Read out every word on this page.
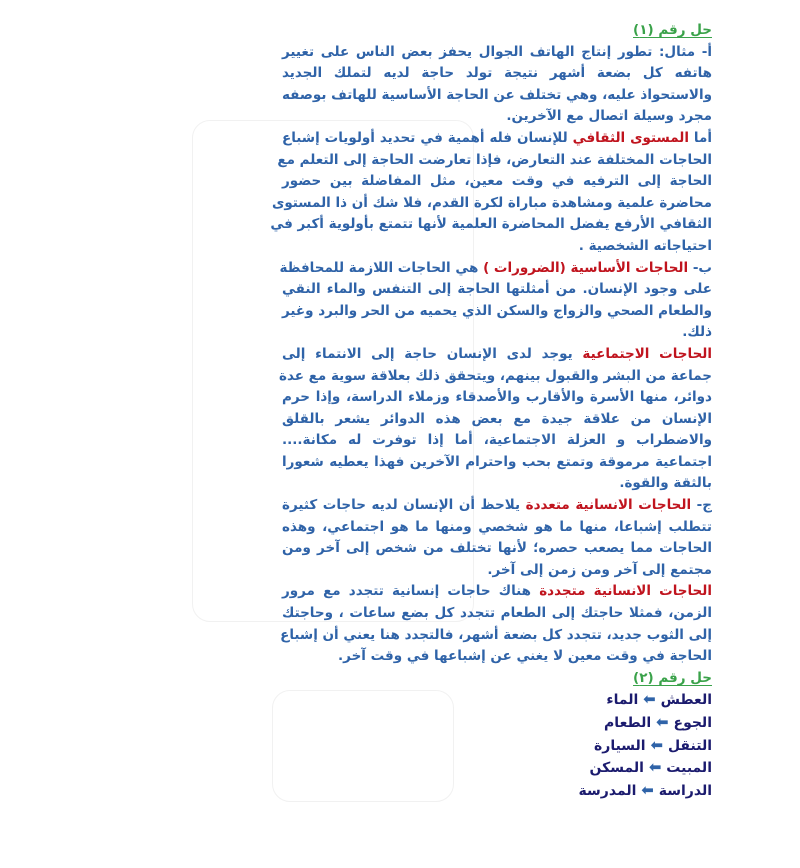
حل رقم (١)
أ- مثال: تطور إنتاج الهاتف الجوال يحفز بعض الناس على تغيير
هاتفه كل بضعة أشهر نتيجة تولد حاجة لديه لتملك الجديد
والاستحواذ عليه، وهي تختلف عن الحاجة الأساسية للهاتف بوصفه
مجرد وسيلة اتصال مع الآخرين.
أما المستوى الثقافي للإنسان فله أهمية في تحديد أولويات إشباع
الحاجات المختلفة عند التعارض، فإذا تعارضت الحاجة إلى التعلم مع
الحاجة إلى الترفيه في وقت معين، مثل المفاضلة بين حضور
محاضرة علمية ومشاهدة مباراة لكرة القدم، فلا شك أن ذا المستوى
الثقافي الأرفع يفضل المحاضرة العلمية لأنها تتمتع بأولوية أكبر في
احتياجاته الشخصية .
ب- الحاجات الأساسية (الضرورات ) هي الحاجات اللازمة للمحافظة
على وجود الإنسان. من أمثلتها الحاجة إلى التنفس والماء النقي
والطعام الصحي والزواج والسكن الذي يحميه من الحر والبرد وغير
ذلك.
الحاجات الاجتماعية يوجد لدى الإنسان حاجة إلى الانتماء إلى
جماعة من البشر والقبول بينهم، ويتحقق ذلك بعلاقة سوية مع عدة
دوائر، منها الأسرة والأقارب والأصدقاء وزملاء الدراسة، وإذا حرم
الإنسان من علاقة جيدة مع بعض هذه الدوائر يشعر بالقلق
والاضطراب و العزلة الاجتماعية، أما إذا توفرت له مكانة....
اجتماعية مرموقة وتمتع بحب واحترام الآخرين فهذا يعطيه شعورا
بالثقة والقوة.
ج- الحاجات الانسانية متعددة يلاحظ أن الإنسان لديه حاجات كثيرة
تتطلب إشباعا، منها ما هو شخصي ومنها ما هو اجتماعي، وهذه
الحاجات مما يصعب حصره؛ لأنها تختلف من شخص إلى آخر ومن
مجتمع إلى آخر ومن زمن إلى آخر.
الحاجات الانسانية متجددة هناك حاجات إنسانية تتجدد مع مرور
الزمن، فمثلا حاجتك إلى الطعام تتجدد كل بضع ساعات ، وحاجتك
إلى الثوب جديد، تتجدد كل بضعة أشهر، فالتجدد هنا يعني أن إشباع
الحاجة في وقت معين لا يغني عن إشباعها في وقت آخر.
حل رقم (٢)
العطش ⬅ الماء
الجوع ⬅ الطعام
التنقل ⬅ السيارة
المبيت ⬅ المسكن
الدراسة ⬅ المدرسة
